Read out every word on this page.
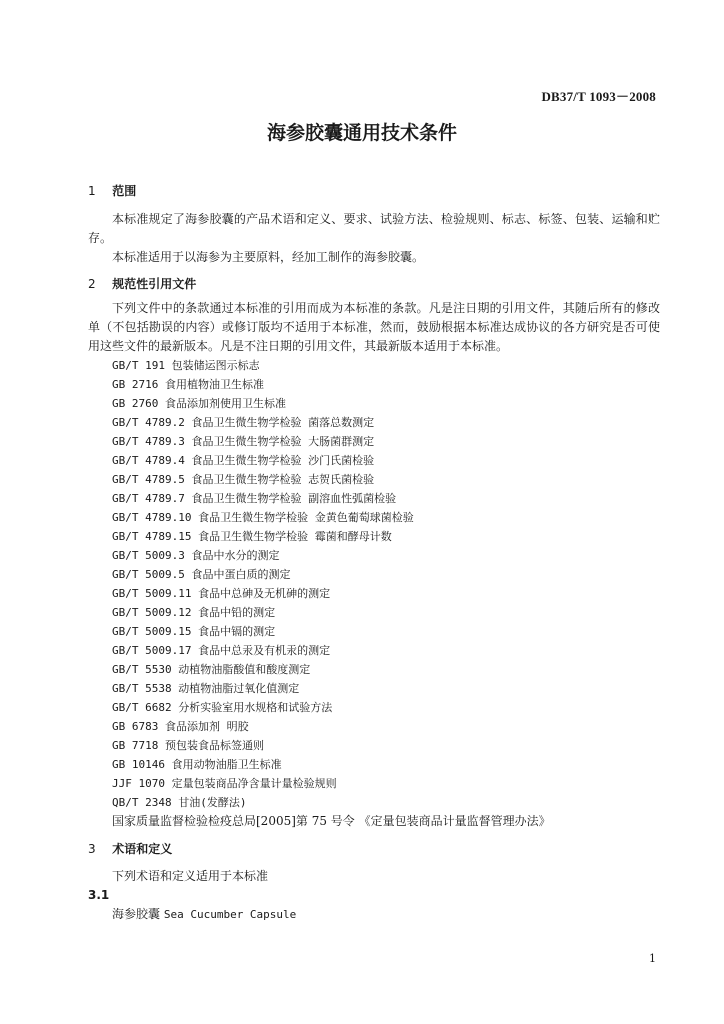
DB37/T 1093－2008
海参胶囊通用技术条件
1 范围

本标准规定了海参胶囊的产品术语和定义、要求、试验方法、检验规则、标志、标签、包装、运输和贮存。

本标准适用于以海参为主要原料，经加工制作的海参胶囊。

2 规范性引用文件

下列文件中的条款通过本标准的引用而成为本标准的条款。凡是注日期的引用文件，其随后所有的修改单（不包括勘误的内容）或修订版均不适用于本标准，然而，鼓励根据本标准达成协议的各方研究是否可使用这些文件的最新版本。凡是不注日期的引用文件，其最新版本适用于本标准。

GB/T 191 包装储运图示标志
GB 2716 食用植物油卫生标准
GB 2760 食品添加剂使用卫生标准
GB/T 4789.2 食品卫生微生物学检验 菌落总数测定
GB/T 4789.3 食品卫生微生物学检验 大肠菌群测定
GB/T 4789.4 食品卫生微生物学检验 沙门氏菌检验
GB/T 4789.5 食品卫生微生物学检验 志贺氏菌检验
GB/T 4789.7 食品卫生微生物学检验 副溶血性弧菌检验
GB/T 4789.10 食品卫生微生物学检验 金黄色葡萄球菌检验
GB/T 4789.15 食品卫生微生物学检验 霉菌和酵母计数
GB/T 5009.3 食品中水分的测定
GB/T 5009.5 食品中蛋白质的测定
GB/T 5009.11 食品中总砷及无机砷的测定
GB/T 5009.12 食品中铅的测定
GB/T 5009.15 食品中镉的测定
GB/T 5009.17 食品中总汞及有机汞的测定
GB/T 5530 动植物油脂酸值和酸度测定
GB/T 5538 动植物油脂过氧化值测定
GB/T 6682 分析实验室用水规格和试验方法
GB 6783 食品添加剂 明胶
GB 7718 预包装食品标签通则
GB 10146 食用动物油脂卫生标准
JJF 1070 定量包装商品净含量计量检验规则
QB/T 2348 甘油(发酵法)
国家质量监督检验检疫总局[2005]第 75 号令 《定量包装商品计量监督管理办法》
3 术语和定义

下列术语和定义适用于本标准

3.1
海参胶囊 Sea Cucumber Capsule
1
